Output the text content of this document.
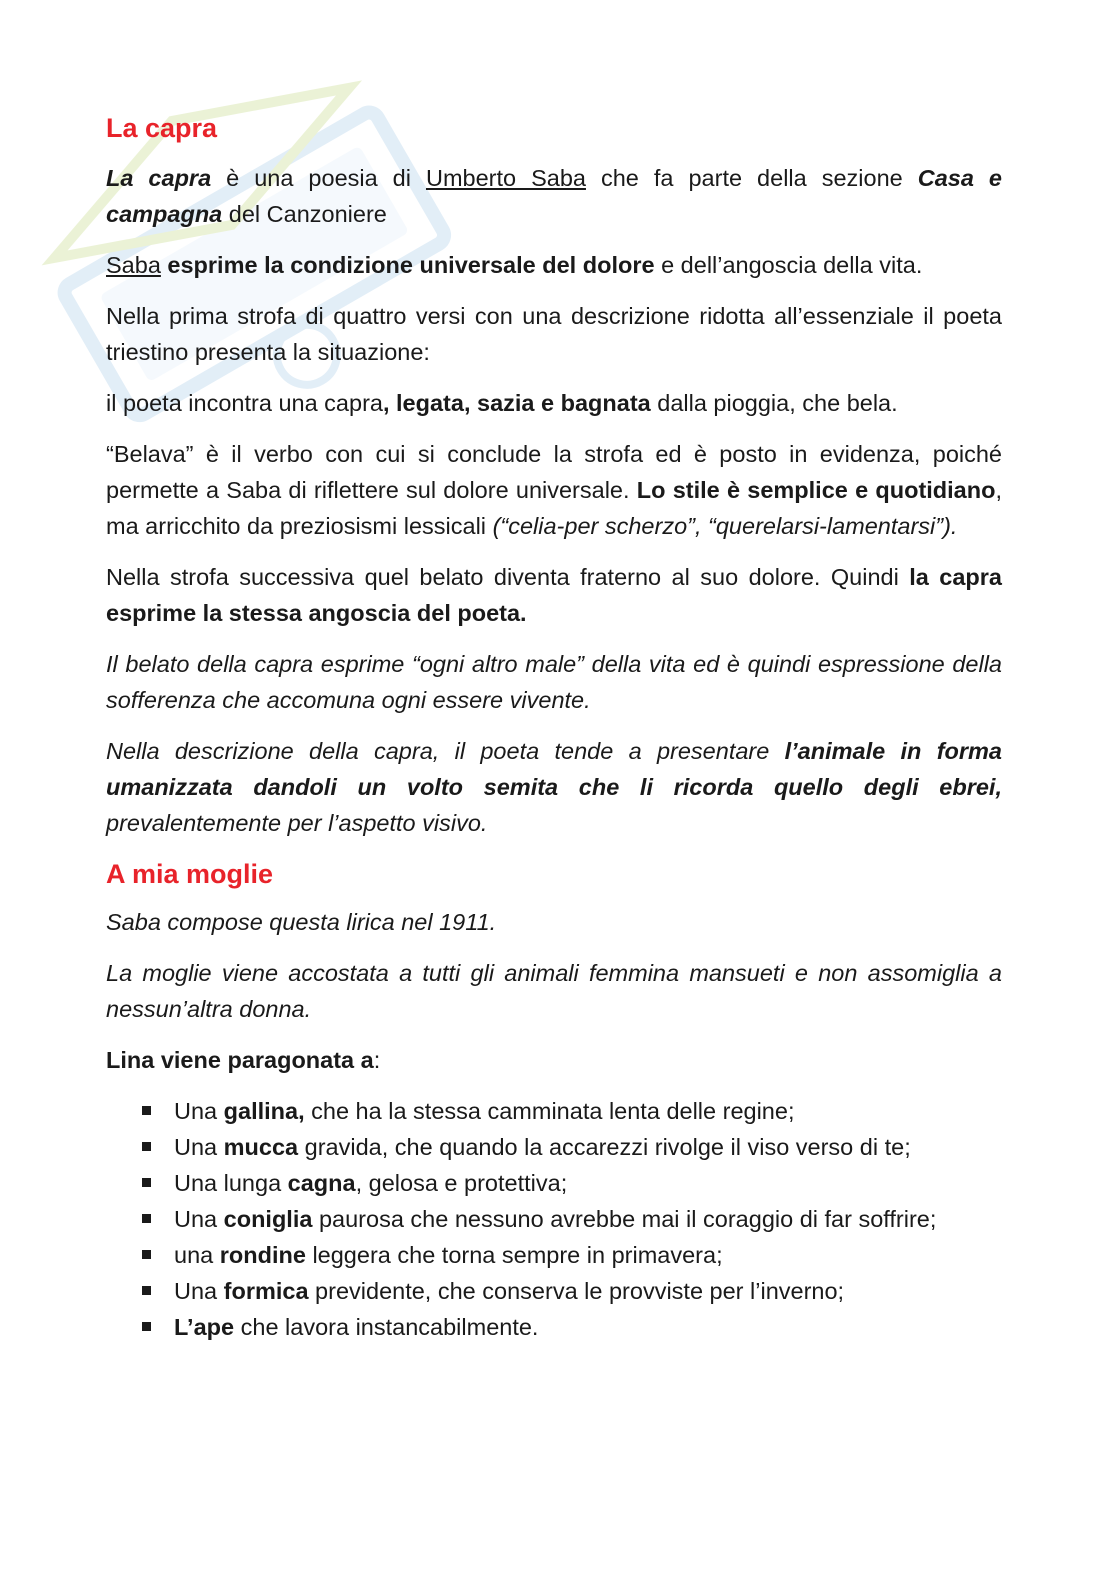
La capra

La capra è una poesia di Umberto Saba che fa parte della sezione Casa e campagna del Canzoniere

Saba esprime la condizione universale del dolore e dell’angoscia della vita.

Nella prima strofa di quattro versi con una descrizione ridotta all’essenziale il poeta triestino presenta la situazione:

il poeta incontra una capra, legata, sazia e bagnata dalla pioggia, che bela.

“Belava” è il verbo con cui si conclude la strofa ed è posto in evidenza, poiché permette a Saba di riflettere sul dolore universale. Lo stile è semplice e quotidiano, ma arricchito da preziosismi lessicali (“celia-per scherzo”, “querelarsi-lamentarsi”).

Nella strofa successiva quel belato diventa fraterno al suo dolore. Quindi la capra esprime la stessa angoscia del poeta.

Il belato della capra esprime “ogni altro male” della vita ed è quindi espressione della sofferenza che accomuna ogni essere vivente.

Nella descrizione della capra, il poeta tende a presentare l’animale in forma umanizzata dandoli un volto semita che li ricorda quello degli ebrei, prevalentemente per l’aspetto visivo.

A mia moglie

Saba compose questa lirica nel 1911.

La moglie viene accostata a tutti gli animali femmina mansueti e non assomiglia a nessun’altra donna.

Lina viene paragonata a:

Una gallina, che ha la stessa camminata lenta delle regine;
Una mucca gravida, che quando la accarezzi rivolge il viso verso di te;
Una lunga cagna, gelosa e protettiva;
Una coniglia paurosa che nessuno avrebbe mai il coraggio di far soffrire;
una rondine leggera che torna sempre in primavera;
Una formica previdente, che conserva le provviste per l’inverno;
L’ape che lavora instancabilmente.
